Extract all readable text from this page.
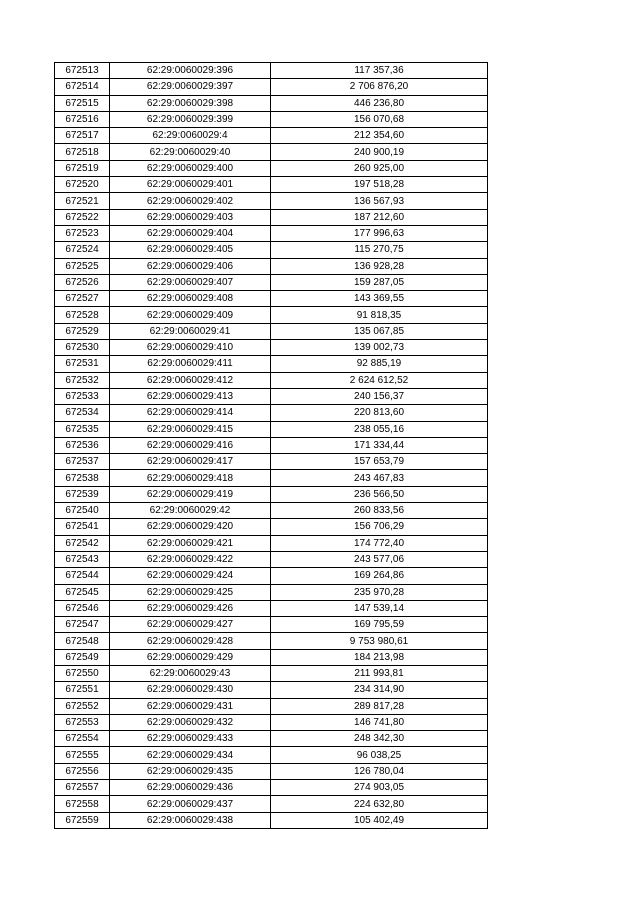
672513	62:29:0060029:396	117 357,36
672514	62:29:0060029:397	2 706 876,20
672515	62:29:0060029:398	446 236,80
672516	62:29:0060029:399	156 070,68
672517	62:29:0060029:4	212 354,60
672518	62:29:0060029:40	240 900,19
672519	62:29:0060029:400	260 925,00
672520	62:29:0060029:401	197 518,28
672521	62:29:0060029:402	136 567,93
672522	62:29:0060029:403	187 212,60
672523	62:29:0060029:404	177 996,63
672524	62:29:0060029:405	115 270,75
672525	62:29:0060029:406	136 928,28
672526	62:29:0060029:407	159 287,05
672527	62:29:0060029:408	143 369,55
672528	62:29:0060029:409	91 818,35
672529	62:29:0060029:41	135 067,85
672530	62:29:0060029:410	139 002,73
672531	62:29:0060029:411	92 885,19
672532	62:29:0060029:412	2 624 612,52
672533	62:29:0060029:413	240 156,37
672534	62:29:0060029:414	220 813,60
672535	62:29:0060029:415	238 055,16
672536	62:29:0060029:416	171 334,44
672537	62:29:0060029:417	157 653,79
672538	62:29:0060029:418	243 467,83
672539	62:29:0060029:419	236 566,50
672540	62:29:0060029:42	260 833,56
672541	62:29:0060029:420	156 706,29
672542	62:29:0060029:421	174 772,40
672543	62:29:0060029:422	243 577,06
672544	62:29:0060029:424	169 264,86
672545	62:29:0060029:425	235 970,28
672546	62:29:0060029:426	147 539,14
672547	62:29:0060029:427	169 795,59
672548	62:29:0060029:428	9 753 980,61
672549	62:29:0060029:429	184 213,98
672550	62:29:0060029:43	211 993,81
672551	62:29:0060029:430	234 314,90
672552	62:29:0060029:431	289 817,28
672553	62:29:0060029:432	146 741,80
672554	62:29:0060029:433	248 342,30
672555	62:29:0060029:434	96 038,25
672556	62:29:0060029:435	126 780,04
672557	62:29:0060029:436	274 903,05
672558	62:29:0060029:437	224 632,80
672559	62:29:0060029:438	105 402,49
